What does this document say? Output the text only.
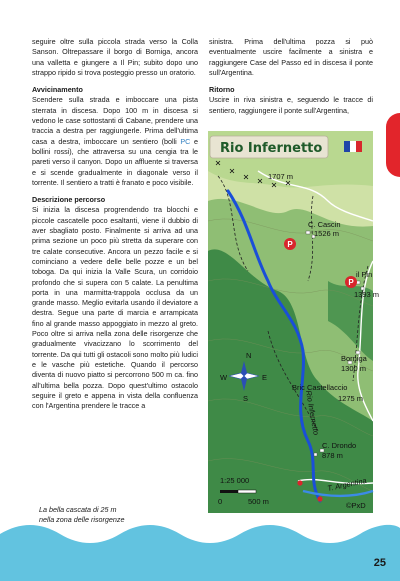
seguire oltre sulla piccola strada verso la Colla Sanson. Oltrepassare il borgo di Borniga, ancora una valletta e giungere a Il Pin; subito dopo uno strappo ripido si trova posteggio presso un oratorio.

Avvicinamento

Scendere sulla strada e imboccare una pista sterrata in discesa. Dopo 100 m in discesa si vedono le case sottostanti di Cabane, prendere una traccia a destra per raggiungerle. Prima dell'ultima casa a destra, imboccare un sentiero (bolli PC e bollini rossi), che attraversa su una cengia tra le pareti verso il canyon. Dopo un affluente si traversa e si scende gradualmente in diagonale verso il torrente. Il sentiero a tratti è franato e poco visibile.

Descrizione percorso

Si inizia la discesa progrendendo tra blocchi e piccole cascatelle poco esaltanti, viene il dubbio di aver sbagliato posto. Finalmente si arriva ad una prima sezione un poco più stretta da superare con tre calate consecutive. Ancora un pezzo facile e si cominciano a vedere delle belle pozze e un bel toboga. Da qui inizia la Valle Scura, un corridoio profondo che si supera con 5 calate. La penultima porta in una marmitta-trappola occlusa da un grande masso. Meglio evitarla usando il deviatore a destra. Segue una parte di marcia e arrampicata fino al grande masso appoggiato in mezzo al greto. Poco oltre si arriva nella zona delle risorgenze che gradualmente vivacizzano lo scorrimento del torrente. Da qui tutti gli ostacoli sono molto più ludici e le vasche più estetiche. Quando il percorso diventa di nuovo piatto si percorrono 500 m ca. fino all'ultima bella pozza. Dopo quest'ultimo ostacolo seguire il greto e appena in vista della confluenza con l'Argentina prendere le tracce a

La bella cascata di 25 m
nella zona delle risorgenze

sinistra. Prima dell'ultima pozza si può eventualmente uscire facilmente a sinistra e raggiungere Case del Passo ed in discesa il ponte sull'Argentina.

Ritorno

Uscire in riva sinistra e, seguendo le tracce di sentiero, raggiungere il ponte sull'Argentina,

P
P
Rio Infernetto
1707 m
C. Cascin
1526 m
il Pin
1393 m
Borniga
1300 m
Bric Castellaccio
1275 m
C. Drondo
878 m
T. Argentina
Rio Infernetto
N
S
E
W
1:25 000
0	500 m	©PxD
25
